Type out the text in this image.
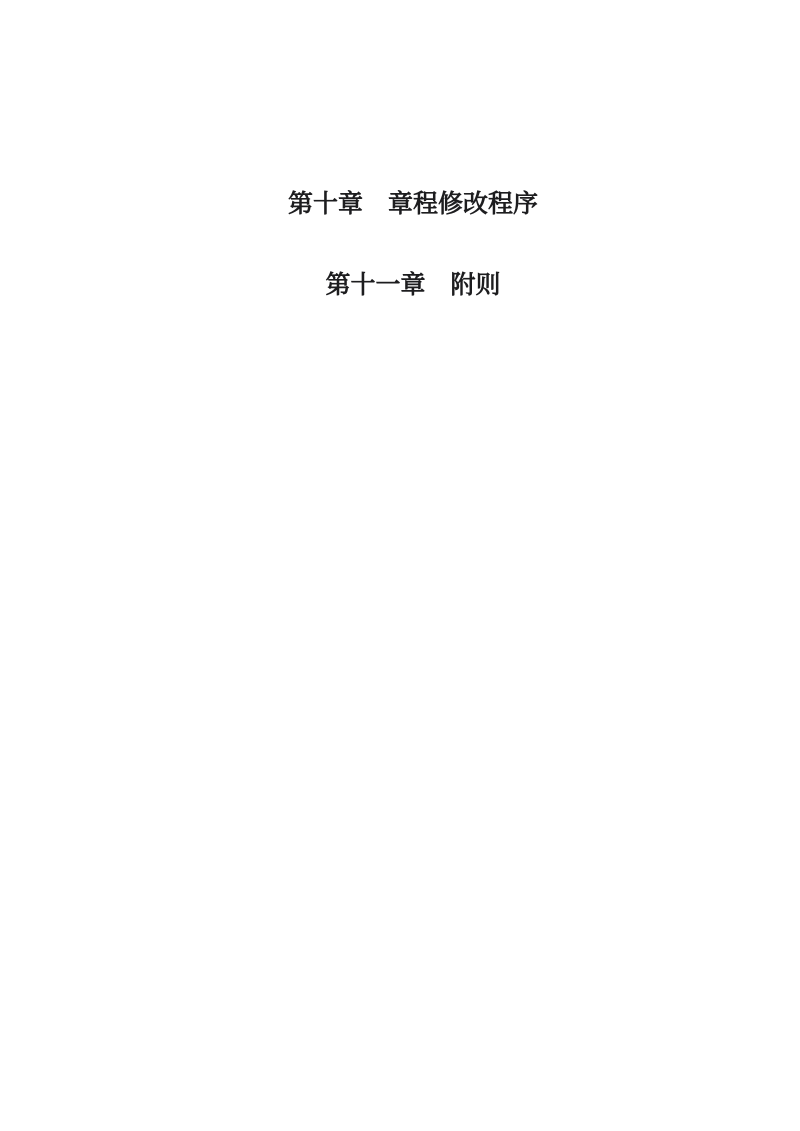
第十章　章程修改程序
第十一章　附则
